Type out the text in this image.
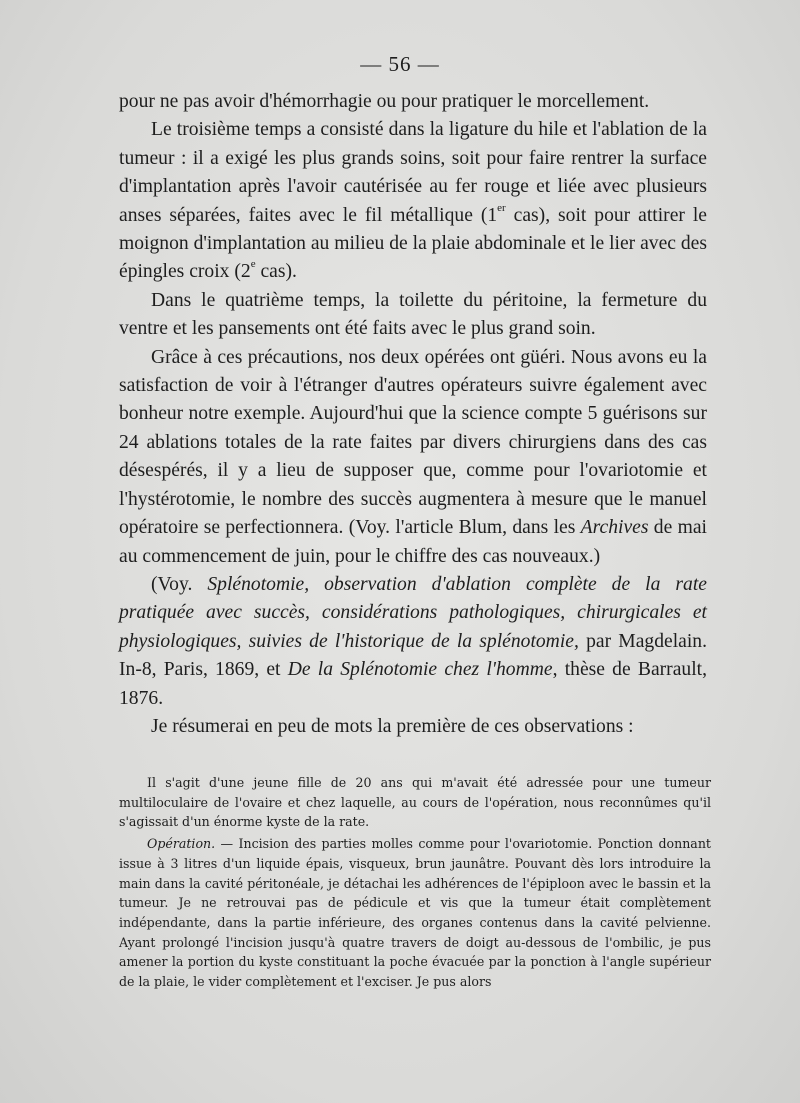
— 56 —

pour ne pas avoir d'hémorrhagie ou pour pratiquer le morcellement.

Le troisième temps a consisté dans la ligature du hile et l'ablation de la tumeur : il a exigé les plus grands soins, soit pour faire rentrer la surface d'implantation après l'avoir cautérisée au fer rouge et liée avec plusieurs anses séparées, faites avec le fil métallique (1er cas), soit pour attirer le moignon d'implantation au milieu de la plaie abdominale et le lier avec des épingles croix (2e cas).

Dans le quatrième temps, la toilette du péritoine, la fermeture du ventre et les pansements ont été faits avec le plus grand soin.

Grâce à ces précautions, nos deux opérées ont güéri. Nous avons eu la satisfaction de voir à l'étranger d'autres opérateurs suivre également avec bonheur notre exemple. Aujourd'hui que la science compte 5 guérisons sur 24 ablations totales de la rate faites par divers chirurgiens dans des cas désespérés, il y a lieu de supposer que, comme pour l'ovariotomie et l'hystérotomie, le nombre des succès augmentera à mesure que le manuel opératoire se perfectionnera. (Voy. l'article Blum, dans les Archives de mai au commencement de juin, pour le chiffre des cas nouveaux.)

(Voy. Splénotomie, observation d'ablation complète de la rate pratiquée avec succès, considérations pathologiques, chirurgicales et physiologiques, suivies de l'historique de la splénotomie, par Magdelain. In-8, Paris, 1869, et De la Splénotomie chez l'homme, thèse de Barrault, 1876.

Je résumerai en peu de mots la première de ces observations :

Il s'agit d'une jeune fille de 20 ans qui m'avait été adressée pour une tumeur multiloculaire de l'ovaire et chez laquelle, au cours de l'opération, nous reconnûmes qu'il s'agissait d'un énorme kyste de la rate.

Opération. — Incision des parties molles comme pour l'ovariotomie. Ponction donnant issue à 3 litres d'un liquide épais, visqueux, brun jaunâtre. Pouvant dès lors introduire la main dans la cavité péritonéale, je détachai les adhérences de l'épiploon avec le bassin et la tumeur. Je ne retrouvai pas de pédicule et vis que la tumeur était complètement indépendante, dans la partie inférieure, des organes contenus dans la cavité pelvienne. Ayant prolongé l'incision jusqu'à quatre travers de doigt au-dessous de l'ombilic, je pus amener la portion du kyste constituant la poche évacuée par la ponction à l'angle supérieur de la plaie, le vider complètement et l'exciser. Je pus alors
